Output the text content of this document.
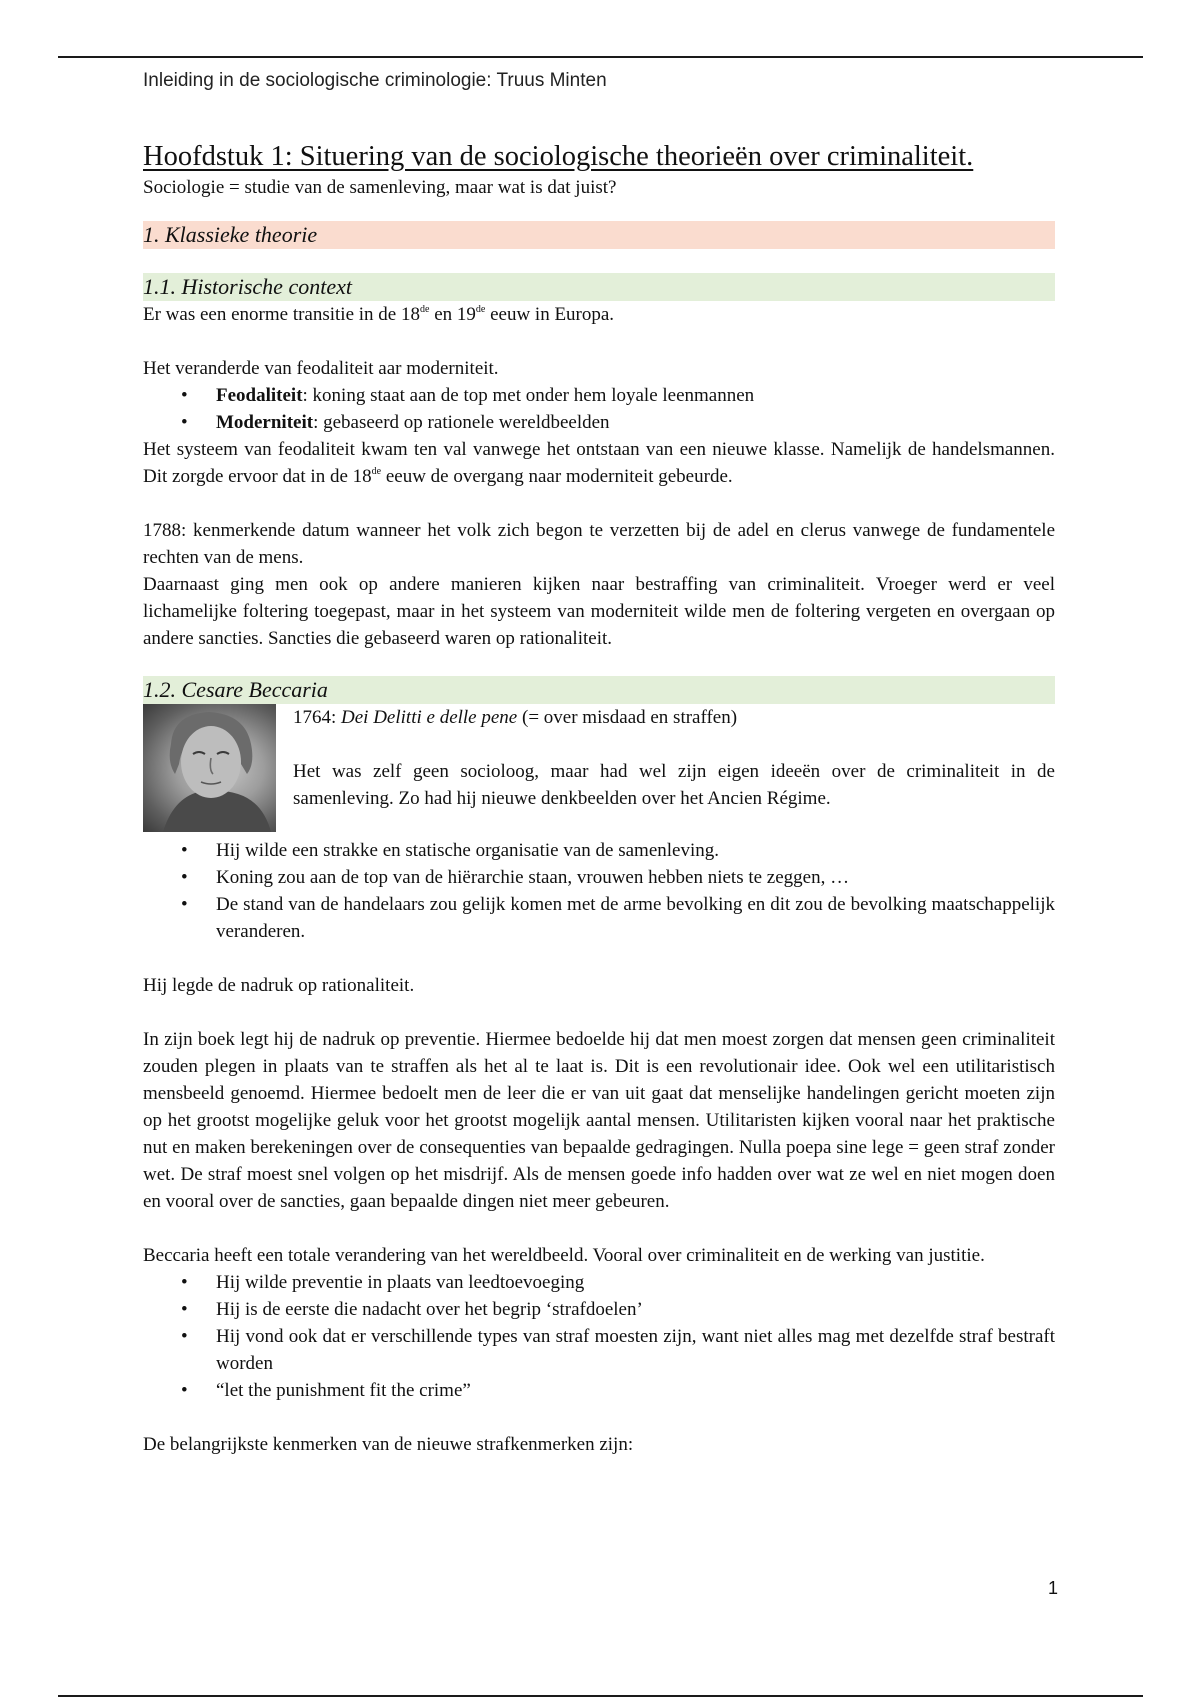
Inleiding in de sociologische criminologie: Truus Minten
Hoofdstuk 1: Situering van de sociologische theorieën over criminaliteit.

Sociologie = studie van de samenleving, maar wat is dat juist?

1. Klassieke theorie
1.1. Historische context

Er was een enorme transitie in de 18de en 19de eeuw in Europa.

Het veranderde van feodaliteit aar moderniteit.

• Feodaliteit: koning staat aan de top met onder hem loyale leenmannen
• Moderniteit: gebaseerd op rationele wereldbeelden

Het systeem van feodaliteit kwam ten val vanwege het ontstaan van een nieuwe klasse. Namelijk de handelsmannen. Dit zorgde ervoor dat in de 18de eeuw de overgang naar moderniteit gebeurde.

1788: kenmerkende datum wanneer het volk zich begon te verzetten bij de adel en clerus vanwege de fundamentele rechten van de mens.

Daarnaast ging men ook op andere manieren kijken naar bestraffing van criminaliteit. Vroeger werd er veel lichamelijke foltering toegepast, maar in het systeem van moderniteit wilde men de foltering vergeten en overgaan op andere sancties. Sancties die gebaseerd waren op rationaliteit.

1.2. Cesare Beccaria

1764: Dei Delitti e delle pene (= over misdaad en straffen)

Het was zelf geen socioloog, maar had wel zijn eigen ideeën over de criminaliteit in de samenleving. Zo had hij nieuwe denkbeelden over het Ancien Régime.

• Hij wilde een strakke en statische organisatie van de samenleving.
• Koning zou aan de top van de hiërarchie staan, vrouwen hebben niets te zeggen, …
• De stand van de handelaars zou gelijk komen met de arme bevolking en dit zou de bevolking maatschappelijk veranderen.

Hij legde de nadruk op rationaliteit.

In zijn boek legt hij de nadruk op preventie. Hiermee bedoelde hij dat men moest zorgen dat mensen geen criminaliteit zouden plegen in plaats van te straffen als het al te laat is. Dit is een revolutionair idee. Ook wel een utilitaristisch mensbeeld genoemd. Hiermee bedoelt men de leer die er van uit gaat dat menselijke handelingen gericht moeten zijn op het grootst mogelijke geluk voor het grootst mogelijk aantal mensen. Utilitaristen kijken vooral naar het praktische nut en maken berekeningen over de consequenties van bepaalde gedragingen. Nulla poepa sine lege = geen straf zonder wet. De straf moest snel volgen op het misdrijf. Als de mensen goede info hadden over wat ze wel en niet mogen doen en vooral over de sancties, gaan bepaalde dingen niet meer gebeuren.

Beccaria heeft een totale verandering van het wereldbeeld. Vooral over criminaliteit en de werking van justitie.

• Hij wilde preventie in plaats van leedtoevoeging
• Hij is de eerste die nadacht over het begrip ‘strafdoelen’
• Hij vond ook dat er verschillende types van straf moesten zijn, want niet alles mag met dezelfde straf bestraft worden
• “let the punishment fit the crime”

De belangrijkste kenmerken van de nieuwe strafkenmerken zijn:

1
